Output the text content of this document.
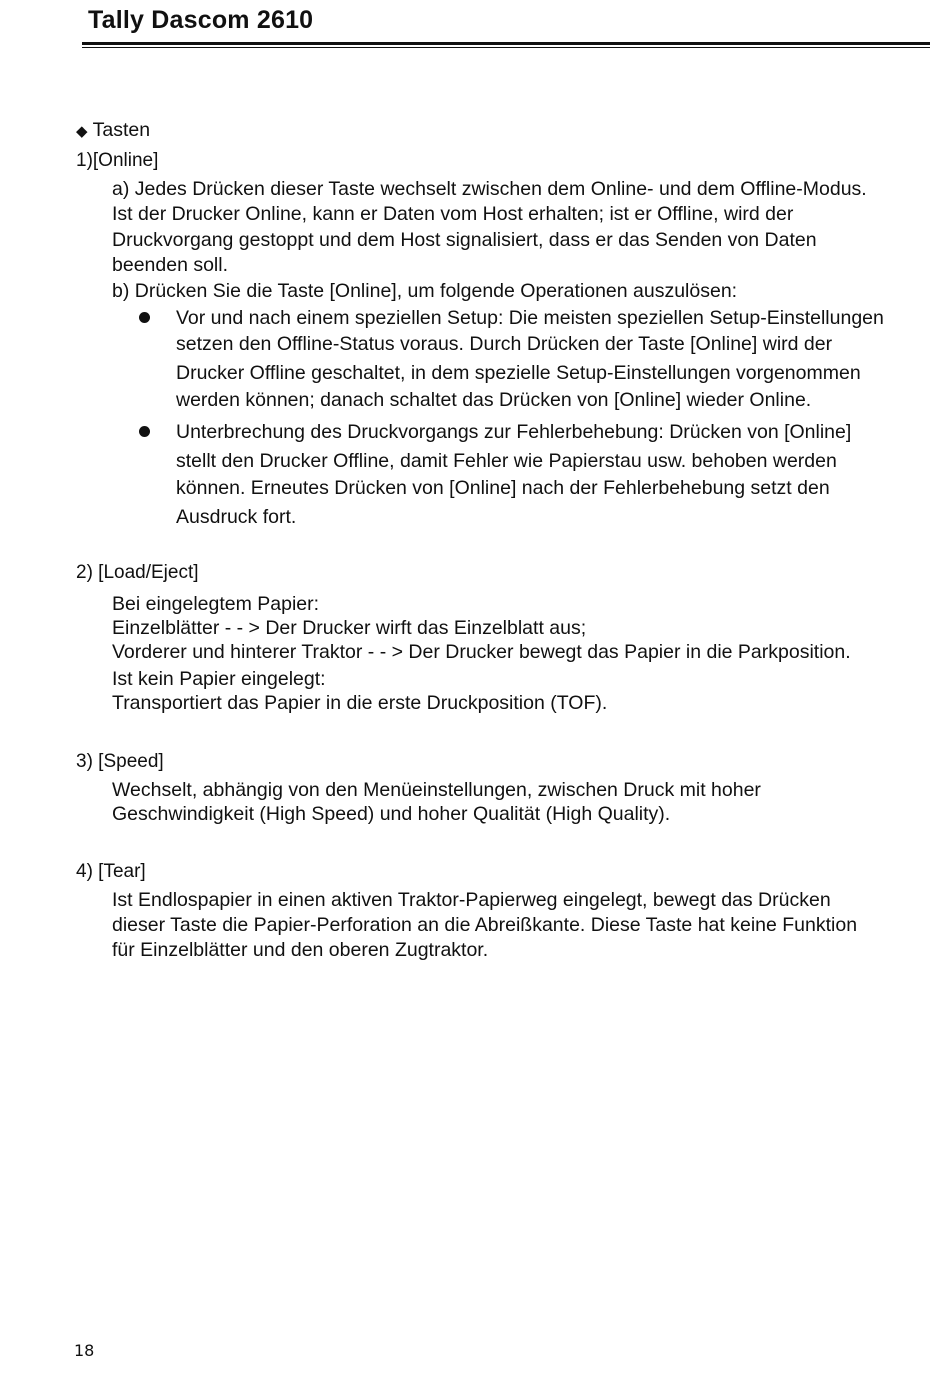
Tally Dascom 2610
◆ Tasten
1)[Online]
a) Jedes Drücken dieser Taste wechselt zwischen dem Online- und dem Offline-Modus.
Ist der Drucker Online, kann er Daten vom Host erhalten; ist er Offline, wird der
Druckvorgang gestoppt und dem Host signalisiert, dass er das Senden von Daten
beenden soll.
b) Drücken Sie die Taste [Online], um folgende Operationen auszulösen:
Vor und nach einem speziellen Setup: Die meisten speziellen Setup-Einstellungen
setzen den Offline-Status voraus. Durch Drücken der Taste [Online] wird der
Drucker Offline geschaltet, in dem spezielle Setup-Einstellungen vorgenommen
werden können; danach schaltet das Drücken von [Online] wieder Online.
Unterbrechung des Druckvorgangs zur Fehlerbehebung: Drücken von [Online]
stellt den Drucker Offline, damit Fehler wie Papierstau usw. behoben werden
können. Erneutes Drücken von [Online] nach der Fehlerbehebung setzt den
Ausdruck fort.
2) [Load/Eject]
Bei eingelegtem Papier:
Einzelblätter - - > Der Drucker wirft das Einzelblatt aus;
Vorderer und hinterer Traktor - - > Der Drucker bewegt das Papier in die Parkposition.
Ist kein Papier eingelegt:
Transportiert das Papier in die erste Druckposition (TOF).
3) [Speed]
Wechselt, abhängig von den Menüeinstellungen, zwischen Druck mit hoher
Geschwindigkeit (High Speed) und hoher Qualität (High Quality).
4) [Tear]
Ist Endlospapier in einen aktiven Traktor-Papierweg eingelegt, bewegt das Drücken
dieser Taste die Papier-Perforation an die Abreißkante. Diese Taste hat keine Funktion
für Einzelblätter und den oberen Zugtraktor.
18
